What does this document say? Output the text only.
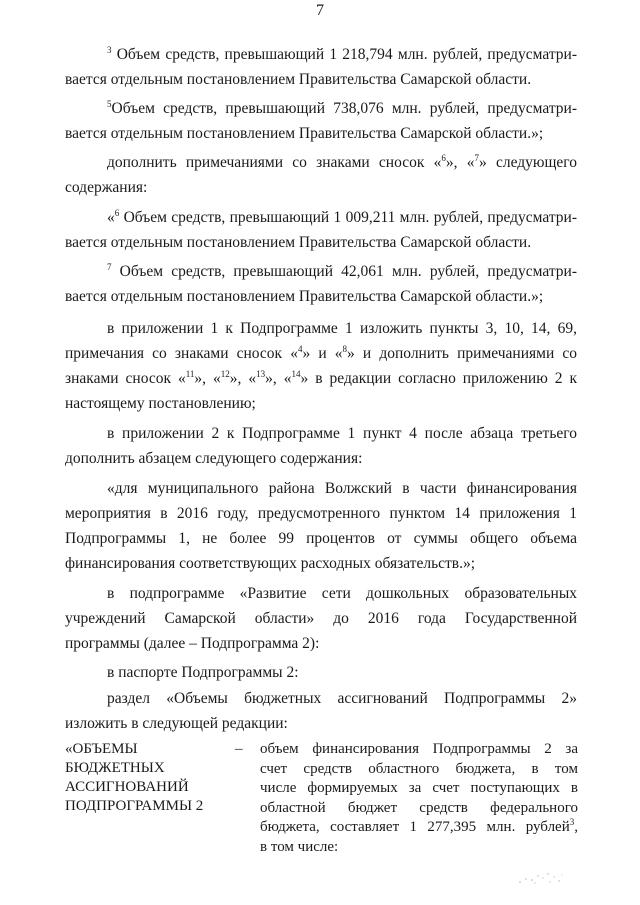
7

$^3$ Объем средств, превышающий 1 218,794 млн. рублей, предусматри-
вается отдельным постановлением Правительства Самарской области.

$^5$Объем средств, превышающий 738,076 млн. рублей, предусматри-
вается отдельным постановлением Правительства Самарской области.»;

дополнить примечаниями со знаками сносок «$^6$», «$^7$» следующего
содержания:

«$^6$ Объем средств, превышающий 1 009,211 млн. рублей, предусматри-
вается отдельным постановлением Правительства Самарской области.

$^7$ Объем средств, превышающий 42,061 млн. рублей, предусматри-
вается отдельным постановлением Правительства Самарской области.»;

в приложении 1 к Подпрограмме 1 изложить пункты 3, 10, 14, 69,
примечания со знаками сносок «$^4$» и «$^8$» и дополнить примечаниями со
знаками сносок «$^{11}$», «$^{12}$», «$^{13}$», «$^{14}$» в редакции согласно приложению 2 к
настоящему постановлению;

в приложении 2 к Подпрограмме 1 пункт 4 после абзаца третьего
дополнить абзацем следующего содержания:

«для муниципального района Волжский в части финансирования
мероприятия в 2016 году, предусмотренного пунктом 14 приложения 1
Подпрограммы 1, не более 99 процентов от суммы общего объема
финансирования соответствующих расходных обязательств.»;

в подпрограмме «Развитие сети дошкольных образовательных
учреждений Самарской области» до 2016 года Государственной
программы (далее – Подпрограмма 2):

в паспорте Подпрограммы 2:

раздел «Объемы бюджетных ассигнований Подпрограммы 2»
изложить в следующей редакции:

«ОБЪЕМЫ
БЮДЖЕТНЫХ
АССИГНОВАНИЙ
ПОДПРОГРАММЫ 2
– объем финансирования Подпрограммы 2 за
счет средств областного бюджета, в том
числе формируемых за счет поступающих в
областной бюджет средств федерального
бюджета, составляет 1 277,395 млн. рублей$^3$,
в том числе:
